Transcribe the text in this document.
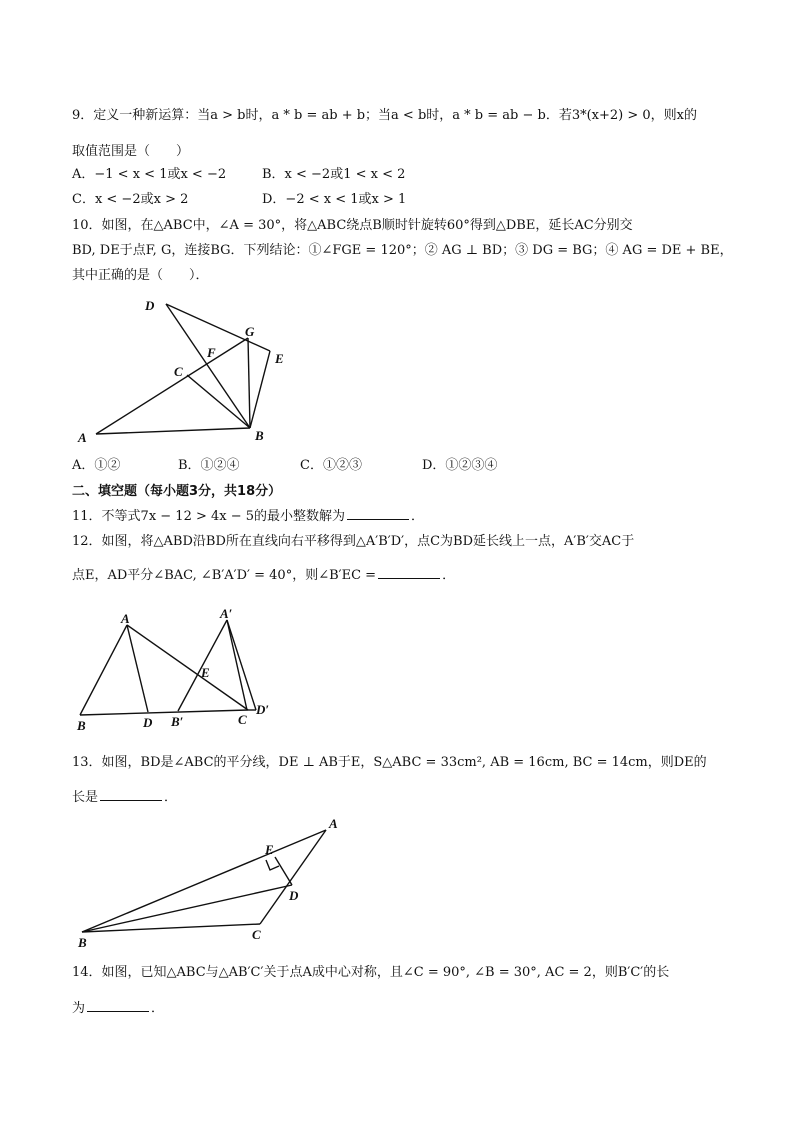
9．定义一种新运算：当a > b时，a * b = ab + b；当a < b时，a * b = ab − b．若3*(x+2) > 0，则x的
取值范围是（　　）
A．−1 < x < 1或x < −2	B．x < −2或1 < x < 2
C．x < −2或x > 2	D．−2 < x < 1或x > 1
10．如图，在△ABC中，∠A = 30°，将△ABC绕点B顺时针旋转60°得到△DBE，延长AC分别交
BD, DE于点F, G，连接BG．下列结论：①∠FGE = 120°；② AG ⊥ BD；③ DG = BG；④ AG = DE + BE，
其中正确的是（　　）．
D
G
F	E
C
A	B
A．①②	B．①②④	C．①②③	D．①②③④
二、填空题（每小题3分，共18分）
11．不等式7x − 12 > 4x − 5的最小整数解为	．
12．如图，将△ABD沿BD所在直线向右平移得到△A′B′D′，点C为BD延长线上一点，A′B′交AC于
点E，AD平分∠BAC, ∠B′A′D′ = 40°，则∠B′EC =	．
A	A′
E
B	D B′	C
D′
13．如图，BD是∠ABC的平分线，DE ⊥ AB于E，S△ABC = 33cm², AB = 16cm, BC = 14cm，则DE的
长是	．
A
E
D
B
C
14．如图，已知△ABC与△AB′C′关于点A成中心对称，且∠C = 90°, ∠B = 30°, AC = 2，则B′C′的长
为	．
